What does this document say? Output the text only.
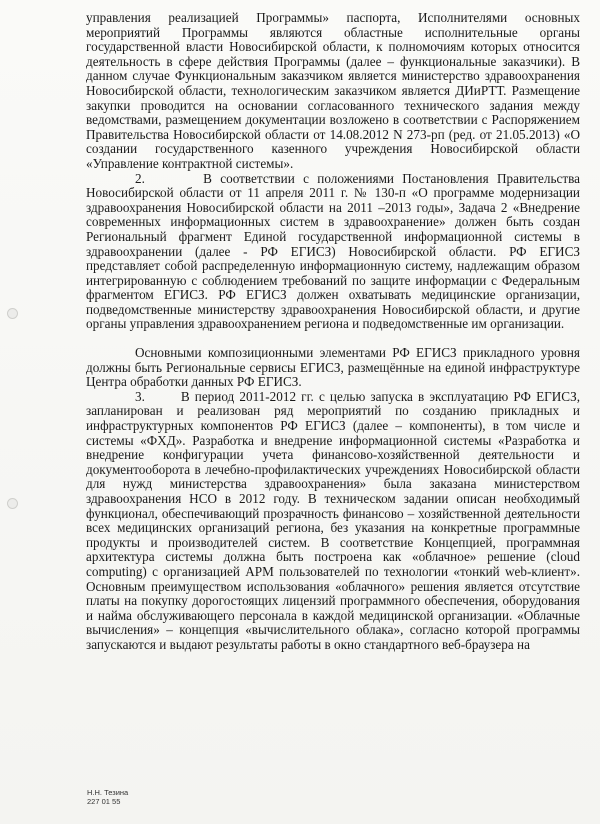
управления реализацией Программы» паспорта, Исполнителями основных мероприятий Программы являются областные исполнительные органы государственной власти Новосибирской области, к полномочиям которых относится деятельность в сфере действия Программы (далее – функциональные заказчики). В данном случае Функциональным заказчиком является министерство здравоохранения Новосибирской области, технологическим заказчиком является ДИиРТТ. Размещение закупки проводится на основании согласованного технического задания между ведомствами, размещением документации возложено в соответствии с Распоряжением Правительства Новосибирской области от 14.08.2012 N 273-рп (ред. от 21.05.2013) «О создании государственного казенного учреждения Новосибирской области «Управление контрактной системы».

2.       В соответствии с положениями Постановления Правительства Новосибирской области от 11 апреля 2011 г. № 130-п «О программе модернизации здравоохранения Новосибирской области на 2011 –2013 годы», Задача 2 «Внедрение современных информационных систем в здравоохранение» должен быть создан Региональный фрагмент Единой государственной информационной системы в здравоохранении (далее - РФ ЕГИСЗ) Новосибирской области. РФ ЕГИСЗ представляет собой распределенную информационную систему, надлежащим образом интегрированную с соблюдением требований по защите информации с Федеральным фрагментом ЕГИСЗ. РФ ЕГИСЗ должен охватывать медицинские организации, подведомственные министерству здравоохранения Новосибирской области, и другие органы управления здравоохранением региона и подведомственные им организации.

Основными композиционными элементами РФ ЕГИСЗ прикладного уровня должны быть Региональные сервисы ЕГИСЗ, размещённые на единой инфраструктуре Центра обработки данных РФ ЕГИСЗ.

3.       В период 2011-2012 гг. с целью запуска в эксплуатацию РФ ЕГИСЗ, запланирован и реализован ряд мероприятий по созданию прикладных и инфраструктурных компонентов РФ ЕГИСЗ (далее – компоненты), в том числе и системы «ФХД». Разработка и внедрение информационной системы «Разработка и внедрение конфигурации учета финансово-хозяйственной деятельности и документооборота в лечебно-профилактических учреждениях Новосибирской области для нужд министерства здравоохранения» была заказана министерством здравоохранения НСО в 2012 году. В техническом задании описан необходимый функционал, обеспечивающий прозрачность финансово – хозяйственной деятельности всех медицинских организаций региона, без указания на конкретные программные продукты и производителей систем. В соответствие Концепцией, программная архитектура системы должна быть построена как «облачное» решение (cloud computing) с организацией АРМ пользователей по технологии «тонкий web-клиент». Основным преимуществом использования «облачного» решения является отсутствие платы на покупку дорогостоящих лицензий программного обеспечения, оборудования и найма обслуживающего персонала в каждой медицинской организации. «Облачные вычисления» – концепция «вычислительного облака», согласно которой программы запускаются и выдают результаты работы в окно стандартного веб-браузера на

Н.Н. Тезина
227 01 55
